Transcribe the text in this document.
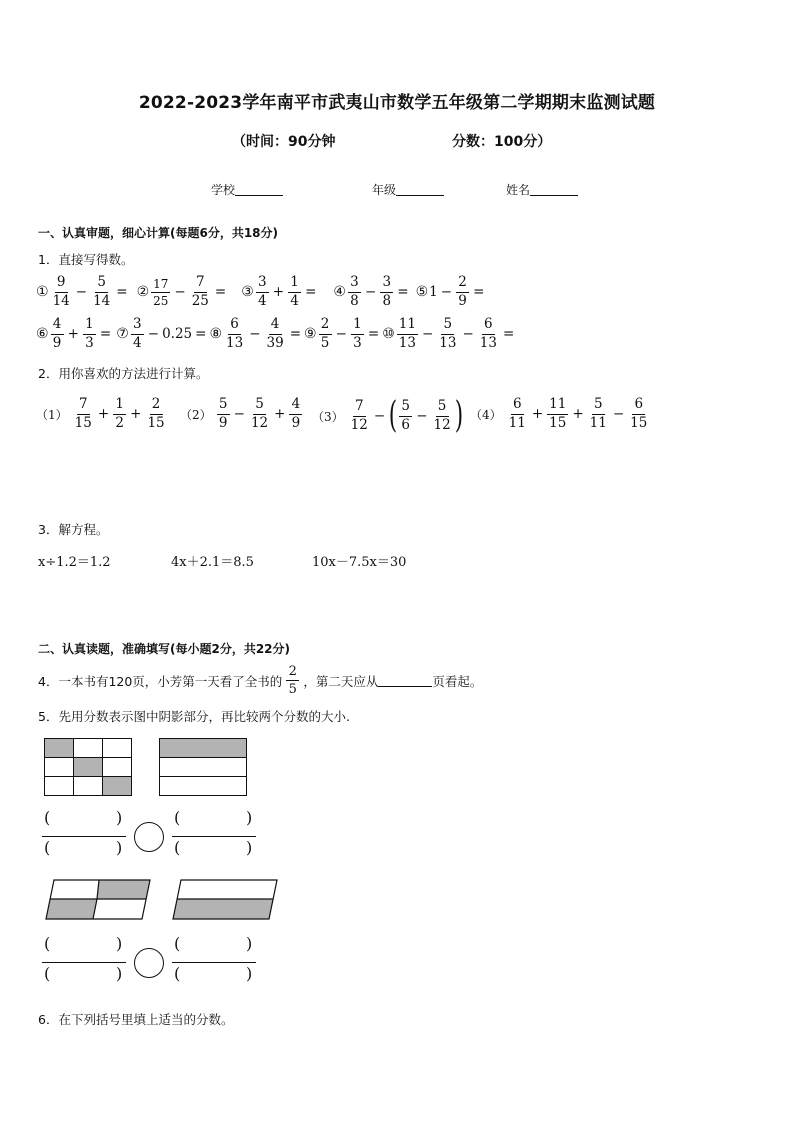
2022-2023学年南平市武夷山市数学五年级第二学期期末监测试题
（时间：90分钟	分数：100分）
学校	年级	姓名
一、认真审题，细心计算(每题6分，共18分)
1．直接写得数。
① $\frac{9}{14} - \frac{5}{14}$ = ② $\frac{17}{25} - \frac{7}{25}$ = ③ $\frac{3}{4} + \frac{1}{4}$ = ④ $\frac{3}{8} - \frac{3}{8}$ = ⑤ $1 - \frac{2}{9}$ =
⑥ $\frac{4}{9} + \frac{1}{3}$ = ⑦ $\frac{3}{4} - 0.25$ = ⑧ $\frac{6}{13} - \frac{4}{39}$ = ⑨ $\frac{2}{5} - \frac{1}{3}$ = ⑩ $\frac{11}{13} - \frac{5}{13} - \frac{6}{13}$ =
2．用你喜欢的方法进行计算。
$(1) \frac{7}{15} + \frac{1}{2} + \frac{2}{15} (2) \frac{5}{9} - \frac{5}{12} + \frac{4}{9} (3) \frac{7}{12}$ − ( $\frac{5}{6} - \frac{5}{12}$ ) $(4) \frac{6}{11} + \frac{11}{15} + \frac{5}{11} - \frac{6}{15}$
3．解方程。
x÷1.2＝1.2	4x＋2.1＝8.5	10x－7.5x＝30
二、认真读题，准确填写(每小题2分，共22分)
4．一本书有120页，小芳第一天看了全书的 $\frac{2}{5}$ ，第二天应从	页看起。
5．先用分数表示图中阴影部分，再比较两个分数的大小.
(	)
(	)
(	)
(	)
(	)
(	)
(	)
(	)
6．在下列括号里填上适当的分数。
